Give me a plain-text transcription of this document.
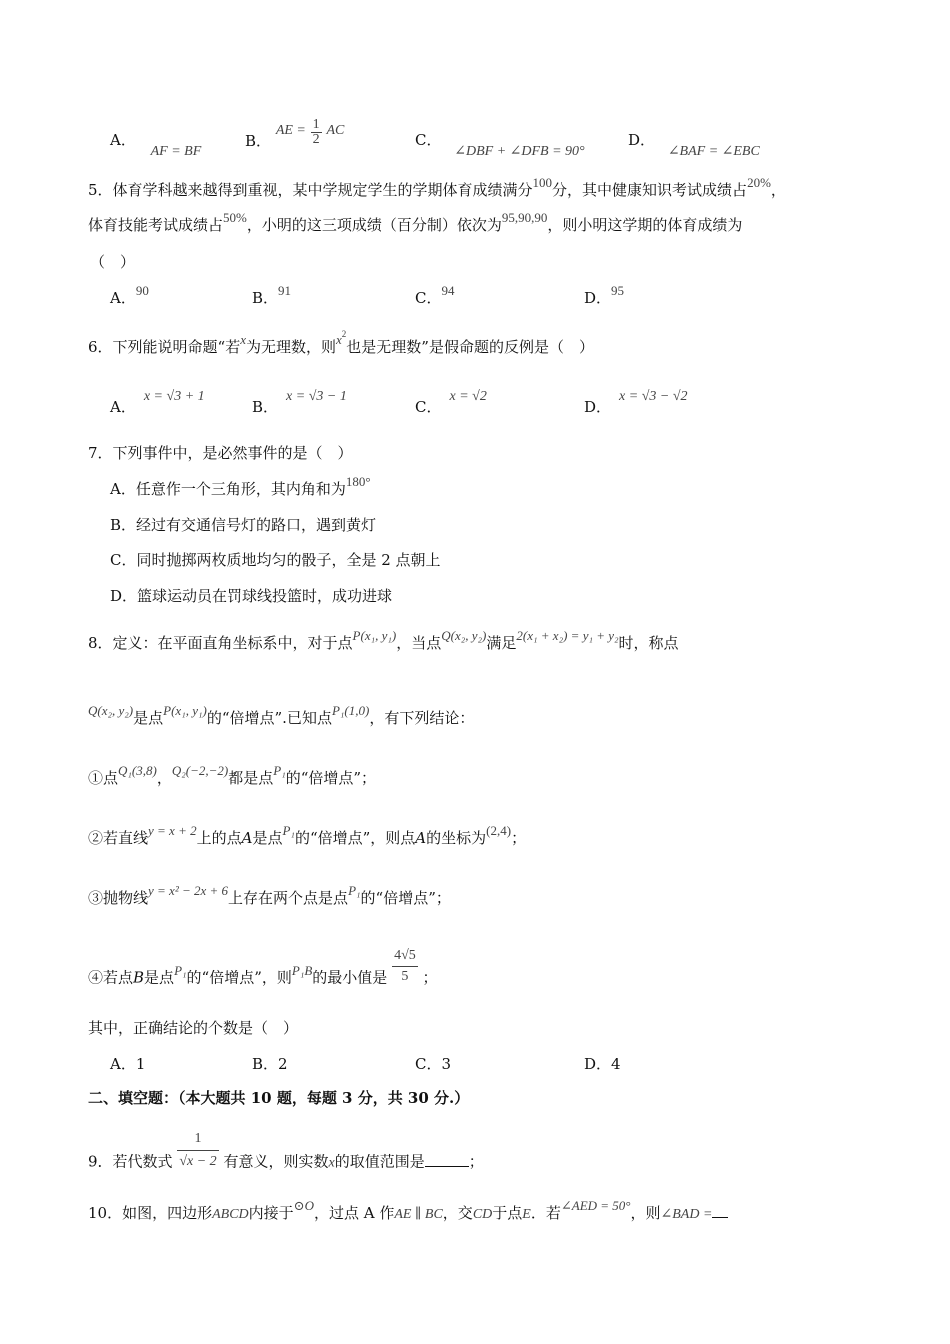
A． AF = BF
B． AE = $\frac{1}{2}$ AC
C． ∠DBF + ∠DFB = 90°
D． ∠BAF = ∠EBC
5．体育学科越来越得到重视，某中学规定学生的学期体育成绩满分100分，其中健康知识考试成绩占20%，
体育技能考试成绩占50%，小明的这三项成绩（百分制）依次为95,90,90，则小明这学期的体育成绩为
（　）
A．90	B．91	C．94	D．95
6．下列能说明命题“若x为无理数，则$x^2$也是无理数”是假命题的反例是（　）
A．x = √3 + 1
B．x = √3 − 1
C．x = √2
D．x = √3 − √2
7．下列事件中，是必然事件的是（　）
A．任意作一个三角形，其内角和为180°
B．经过有交通信号灯的路口，遇到黄灯
C．同时抛掷两枚质地均匀的骰子，全是 2 点朝上
D．篮球运动员在罚球线投篮时，成功进球
8．定义：在平面直角坐标系中，对于点P(x₁, y₁)，当点Q(x₂, y₂)满足2(x₁ + x₂) = y₁ + y₂时，称点
Q(x₂, y₂)是点P(x₁, y₁)的“倍增点”.已知点P₁(1,0)，有下列结论：
①点Q₁(3,8)，Q₂(−2,−2)都是点P₁的“倍增点”；
②若直线y = x + 2上的点A是点P₁的“倍增点”，则点A的坐标为(2,4)；
③抛物线y = x² − 2x + 6上存在两个点是点P₁的“倍增点”；
④若点B是点P₁的“倍增点”，则P₁B的最小值是 $\frac{4√5}{5}$ ；
其中，正确结论的个数是（　）
A．1	B．2	C．3	D．4
二、填空题：（本大题共 10 题，每题 3 分，共 30 分.）
9．若代数式 $\frac{1}{√x - 2}$ 有意义，则实数x的取值范围是	；
10．如图，四边形ABCD内接于⊙O，过点 A 作AE ∥ BC，交CD于点E．若∠AED = 50°，则∠BAD =
